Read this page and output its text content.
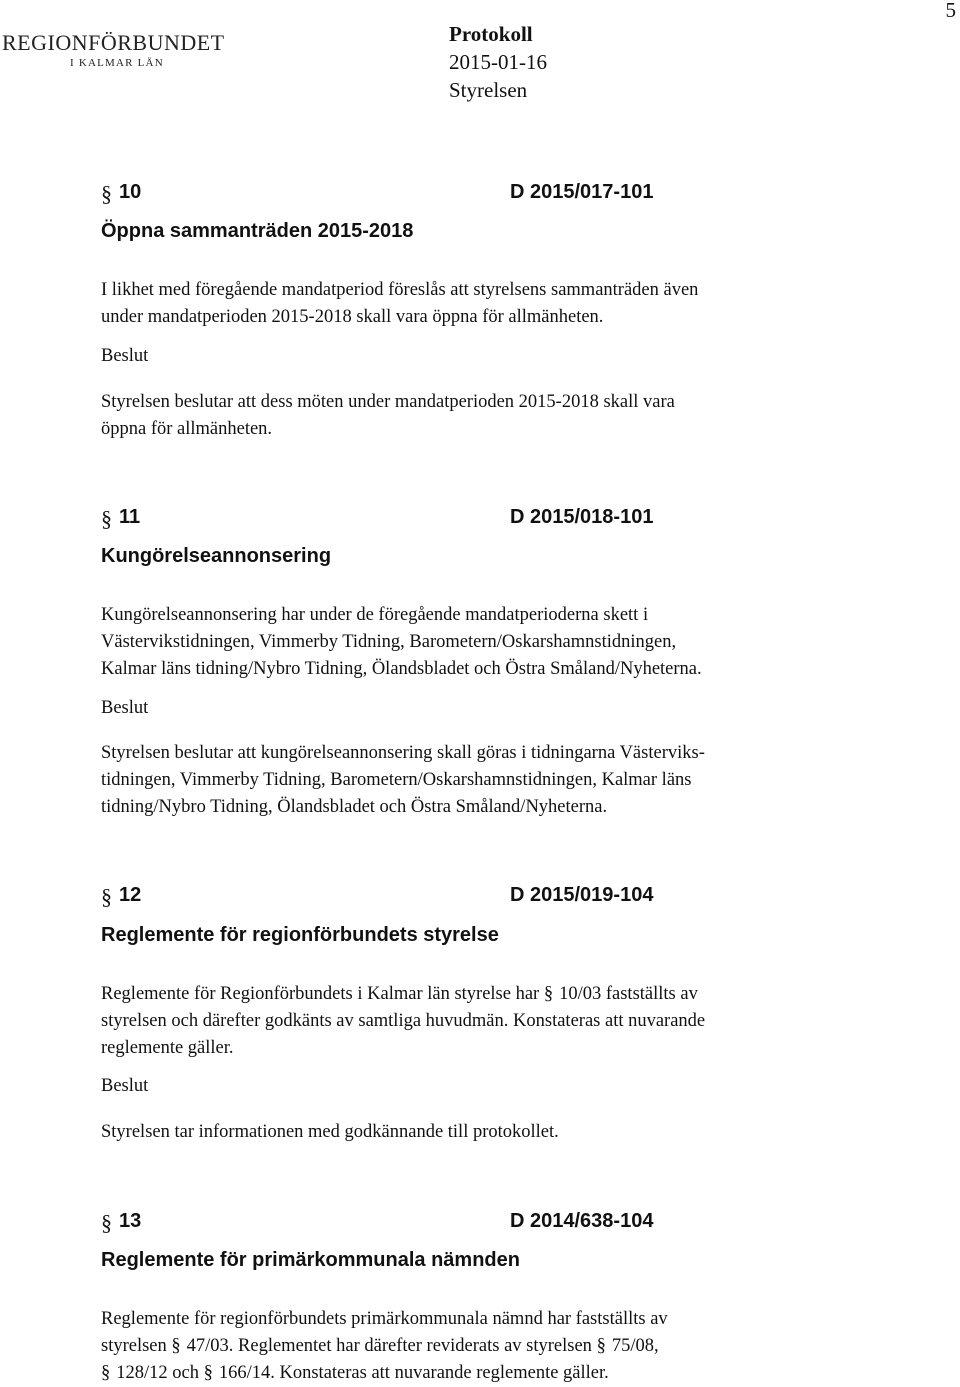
5
REGIONFÖRBUNDET
I KALMAR LÄN
Protokoll
2015-01-16
Styrelsen
§ 10	D 2015/017-101
Öppna sammanträden 2015-2018
I likhet med föregående mandatperiod föreslås att styrelsens sammanträden även
under mandatperioden 2015-2018 skall vara öppna för allmänheten.
Beslut
Styrelsen beslutar att dess möten under mandatperioden 2015-2018 skall vara
öppna för allmänheten.
§ 11	D 2015/018-101
Kungörelseannonsering
Kungörelseannonsering har under de föregående mandatperioderna skett i
Västervikstidningen, Vimmerby Tidning, Barometern/Oskarshamnstidningen,
Kalmar läns tidning/Nybro Tidning, Ölandsbladet och Östra Småland/Nyheterna.
Beslut
Styrelsen beslutar att kungörelseannonsering skall göras i tidningarna Västerviks-
tidningen, Vimmerby Tidning, Barometern/Oskarshamnstidningen, Kalmar läns
tidning/Nybro Tidning, Ölandsbladet och Östra Småland/Nyheterna.
§ 12	D 2015/019-104
Reglemente för regionförbundets styrelse
Reglemente för Regionförbundets i Kalmar län styrelse har § 10/03 fastställts av
styrelsen och därefter godkänts av samtliga huvudmän. Konstateras att nuvarande
reglemente gäller.
Beslut
Styrelsen tar informationen med godkännande till protokollet.
§ 13	D 2014/638-104
Reglemente för primärkommunala nämnden
Reglemente för regionförbundets primärkommunala nämnd har fastställts av
styrelsen § 47/03. Reglementet har därefter reviderats av styrelsen § 75/08,
§ 128/12 och § 166/14. Konstateras att nuvarande reglemente gäller.
